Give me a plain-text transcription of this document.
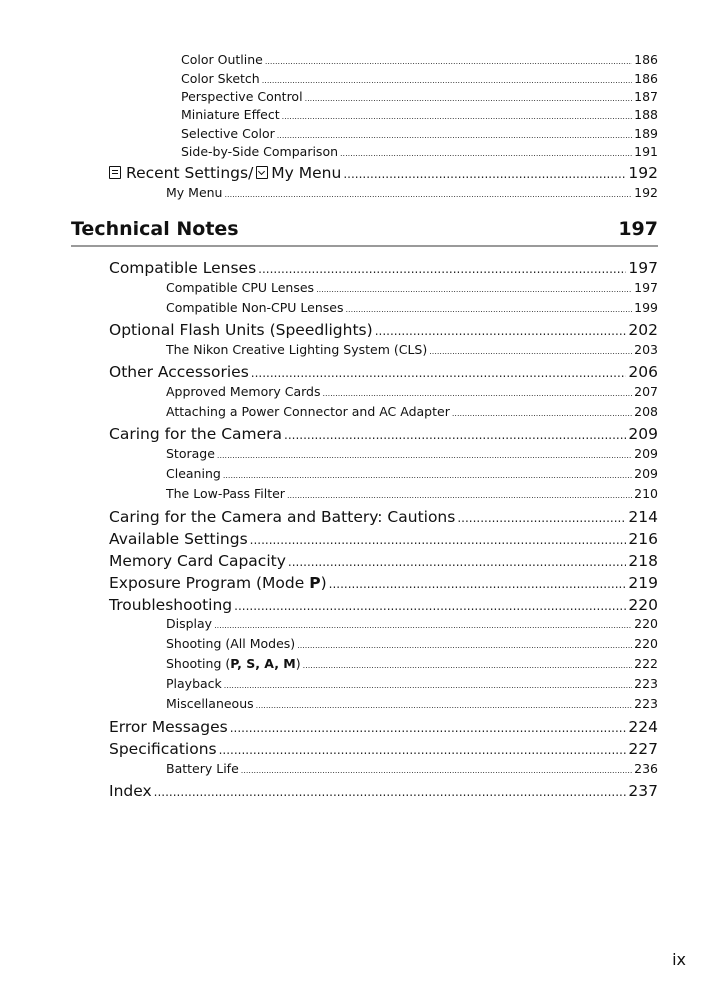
Color Outline .....	186
Color Sketch .....	186
Perspective Control .....	187
Miniature Effect .....	188
Selective Color .....	189
Side-by-Side Comparison .....	191
Recent Settings/ My Menu .....	192
My Menu .....	192
Technical Notes	197
Compatible Lenses .....	197
Compatible CPU Lenses .....	197
Compatible Non-CPU Lenses .....	199
Optional Flash Units (Speedlights) .....	202
The Nikon Creative Lighting System (CLS) .....	203
Other Accessories .....	206
Approved Memory Cards .....	207
Attaching a Power Connector and AC Adapter .....	208
Caring for the Camera .....	209
Storage .....	209
Cleaning .....	209
The Low-Pass Filter .....	210
Caring for the Camera and Battery: Cautions .....	214
Available Settings .....	216
Memory Card Capacity .....	218
Exposure Program (Mode P) .....	219
Troubleshooting .....	220
Display .....	220
Shooting (All Modes) .....	220
Shooting (P, S, A, M) .....	222
Playback .....	223
Miscellaneous .....	223
Error Messages .....	224
Specifications .....	227
Battery Life .....	236
Index .....	237
ix
